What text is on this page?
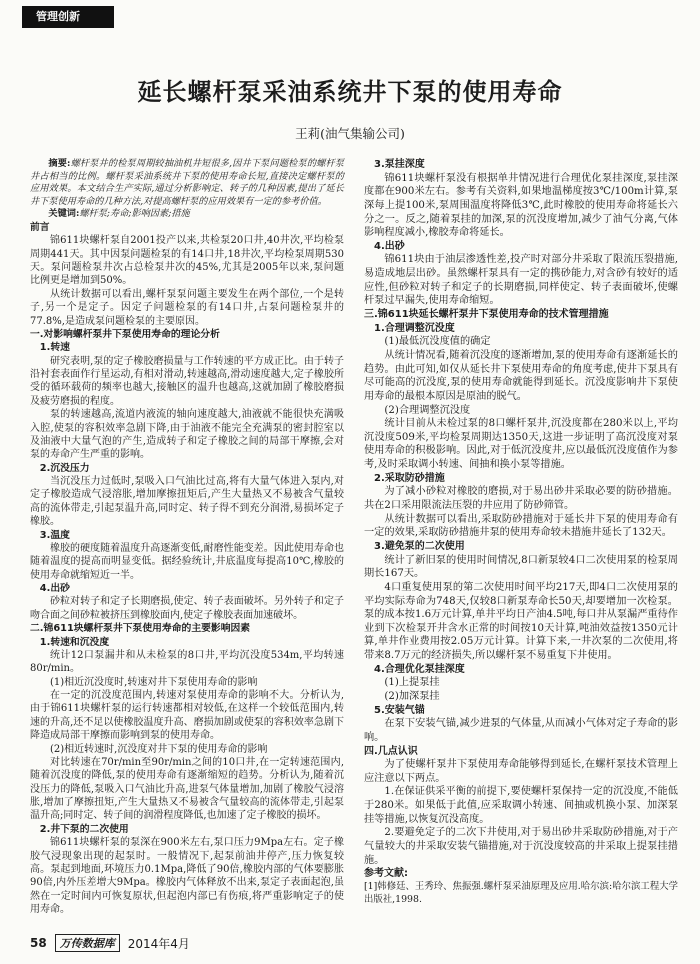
管理创新
延长螺杆泵采油系统井下泵的使用寿命
王莉(油气集输公司)

摘要:螺杆泵井的检泵周期较抽油机井短很多,因井下泵问题检泵的螺杆泵井占相当的比例。螺杆泵采油系统井下泵的使用寿命长短,直接决定螺杆泵的应用效果。本文结合生产实际,通过分析影响定、转子的几种因素,提出了延长井下泵使用寿命的几种方法,对提高螺杆泵的应用效果有一定的参考价值。

关键词:螺杆泵;寿命;影响因素;措施

前言

锦611块螺杆泵自2001投产以来,共检泵20口井,40井次,平均检泵周期441天。其中因泵问题检泵的有14口井,18井次,平均检泵周期530天。泵问题检泵井次占总检泵井次的45%,尤其是2005年以来,泵问题比例更是增加到50%。

从统计数据可以看出,螺杆泵泵问题主要发生在两个部位,一个是转子,另一个是定子。因定子问题检泵的有14口井,占泵问题检泵井的77.8%,是造成泵问题检泵的主要原因。

一.对影响螺杆泵井下泵使用寿命的理论分析

1.转速

研究表明,泵的定子橡胶磨损量与工作转速的平方成正比。由于转子沿衬套表面作行星运动,有相对滑动,转速越高,滑动速度越大,定子橡胶所受的循环载荷的频率也越大,接触区的温升也越高,这就加剧了橡胶磨损及疲劳磨损的程度。

泵的转速越高,流道内液流的轴向速度越大,油液就不能很快充满吸入腔,使泵的容积效率急剧下降,由于油液不能完全充满泵的密封腔室以及油液中大量气泡的产生,造成转子和定子橡胶之间的局部干摩擦,会对泵的寿命产生严重的影响。

2.沉没压力

当沉没压力过低时,泵吸入口气油比过高,将有大量气体进入泵内,对定子橡胶造成气浸溶胀,增加摩擦扭矩后,产生大量热又不易被含气量较高的流体带走,引起泵温升高,同时定、转子得不到充分润滑,易损坏定子橡胶。

3.温度

橡胶的硬度随着温度升高逐渐变低,耐磨性能变差。因此使用寿命也随着温度的提高而明显变低。据经验统计,井底温度每提高10℃,橡胶的使用寿命就缩短近一半。

4.出砂

砂粒对转子和定子长期磨损,使定、转子表面破坏。另外转子和定子吻合面之间砂粒被挤压到橡胶面内,使定子橡胶表面加速破坏。

二.锦611块螺杆泵井下泵使用寿命的主要影响因素

1.转速和沉没度

统计12口泵漏井和从未检泵的8口井,平均沉没度534m,平均转速80r/min。

(1)相近沉没度时,转速对井下泵使用寿命的影响

在一定的沉没度范围内,转速对泵使用寿命的影响不大。分析认为,由于锦611块螺杆泵的运行转速都相对较低,在这样一个较低范围内,转速的升高,还不足以使橡胶温度升高、磨损加剧或使泵的容积效率急剧下降造成局部干摩擦而影响到泵的使用寿命。

(2)相近转速时,沉没度对井下泵的使用寿命的影响

对比转速在70r/min至90r/min之间的10口井,在一定转速范围内,随着沉没度的降低,泵的使用寿命有逐渐缩短的趋势。分析认为,随着沉没压力的降低,泵吸入口气油比升高,进泵气体量增加,加剧了橡胶气浸溶胀,增加了摩擦扭矩,产生大量热又不易被含气量较高的流体带走,引起泵温升高;同时定、转子间的润滑程度降低,也加速了定子橡胶的损坏。

2.井下泵的二次使用

锦611块螺杆泵的泵深在900米左右,泵口压力9Mpa左右。定子橡胶气浸现象出现的起泵时。一般情况下,起泵前油井停产,压力恢复较高。泵起到地面,环境压力0.1Mpa,降低了90倍,橡胶内部的气体要膨胀90倍,内外压差增大9Mpa。橡胶内气体释放不出来,泵定子表面起泡,虽然在一定时间内可恢复原状,但起泡内部已有伤痕,将严重影响定子的使用寿命。

3.泵挂深度

锦611块螺杆泵没有根据单井情况进行合理优化泵挂深度,泵挂深度都在900米左右。参考有关资料,如果地温梯度按3℃/100m计算,泵深每上提100米,泵周围温度将降低3℃,此时橡胶的使用寿命将延长六分之一。反之,随着泵挂的加深,泵的沉没度增加,减少了油气分离,气体影响程度减小,橡胶寿命将延长。

4.出砂

锦611块由于油层渗透性差,投产时对部分井采取了限流压裂措施,易造成地层出砂。虽然螺杆泵具有一定的携砂能力,对含砂有较好的适应性,但砂粒对转子和定子的长期磨损,同样使定、转子表面破坏,使螺杆泵过早漏失,使用寿命缩短。

三.锦611块延长螺杆泵井下泵使用寿命的技术管理措施

1.合理调整沉没度

(1)最低沉没度值的确定

从统计情况看,随着沉没度的逐渐增加,泵的使用寿命有逐渐延长的趋势。由此可知,如仅从延长井下泵使用寿命的角度考虑,使井下泵具有尽可能高的沉没度,泵的使用寿命就能得到延长。沉没度影响井下泵使用寿命的最根本原因是原油的脱气。

(2)合理调整沉没度

统计目前从未检过泵的8口螺杆泵井,沉没度都在280米以上,平均沉没度509米,平均检泵周期达1350天,这进一步证明了高沉没度对泵使用寿命的积极影响。因此,对于低沉没度井,应以最低沉没度值作为参考,及时采取调小转速、间抽和换小泵等措施。

2.采取防砂措施

为了减小砂粒对橡胶的磨损,对于易出砂井采取必要的防砂措施。共在2口采用限流法压裂的井应用了防砂筛管。

从统计数据可以看出,采取防砂措施对于延长井下泵的使用寿命有一定的效果,采取防砂措施井泵的使用寿命较未措施井延长了132天。

3.避免泵的二次使用

统计了新旧泵的使用时间情况,8口新泵较4口二次使用泵的检泵周期长167天。

4口重复使用泵的第二次使用时间平均217天,即4口二次使用泵的平均实际寿命为748天,仅较8口新泵寿命长50天,却要增加一次检泵。泵的成本按1.6万元计算,单井平均日产油4.5吨,每口井从泵漏严重待作业到下次检泵开井含水正常的时间按10天计算,吨油效益按1350元计算,单井作业费用按2.05万元计算。计算下来,一井次泵的二次使用,将带来8.7万元的经济损失,所以螺杆泵不易重复下井使用。

4.合理优化泵挂深度

(1)上提泵挂

(2)加深泵挂

5.安装气锚

在泵下安装气锚,减少进泵的气体量,从而减小气体对定子寿命的影响。

四.几点认识

为了使螺杆泵井下泵使用寿命能够得到延长,在螺杆泵技术管理上应注意以下两点。

1.在保证供采平衡的前提下,要使螺杆泵保持一定的沉没度,不能低于280米。如果低于此值,应采取调小转速、间抽或机换小泵、加深泵挂等措施,以恢复沉没高度。

2.要避免定子的二次下井使用,对于易出砂井采取防砂措施,对于产气量较大的井采取安装气锚措施,对于沉没度较高的井采取上提泵挂措施。

参考文献:

[1]韩修廷、王秀玲、焦振强.螺杆泵采油原理及应用.哈尔滨:哈尔滨工程大学出版社,1998.

58	万传数据库	2014年4月
